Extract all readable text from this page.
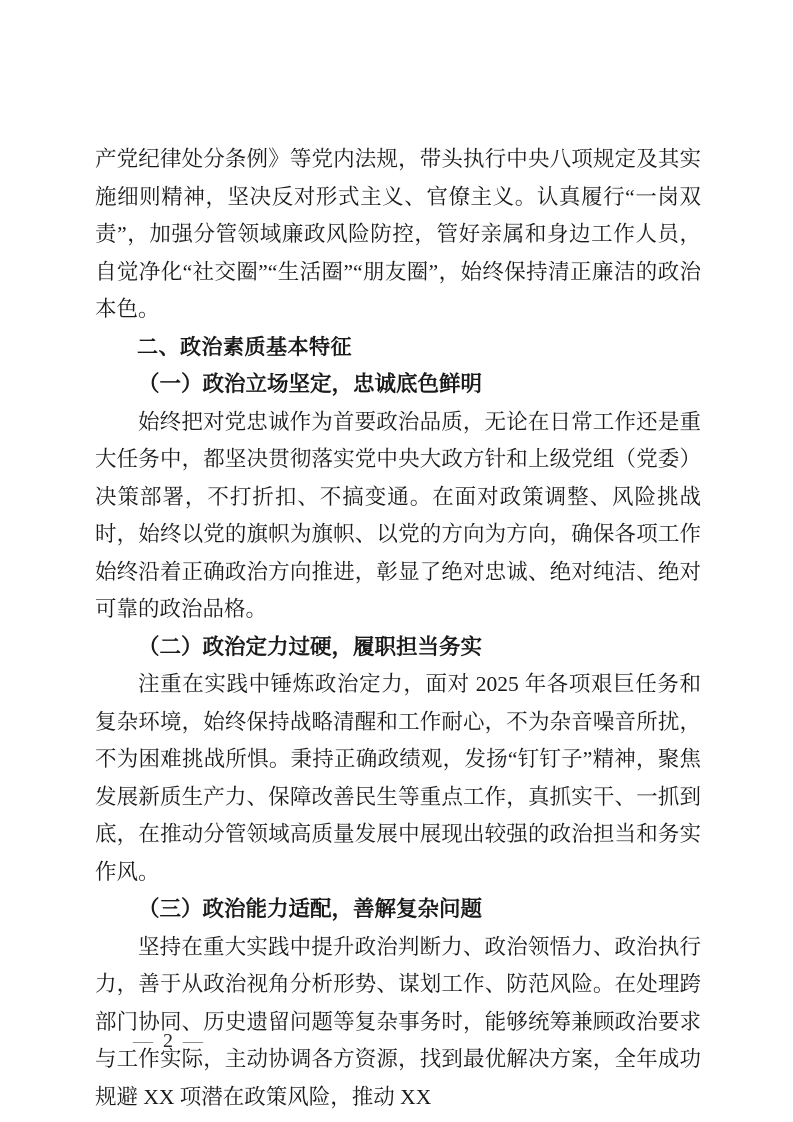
产党纪律处分条例》等党内法规，带头执行中央八项规定及其实施细则精神，坚决反对形式主义、官僚主义。认真履行“一岗双责”，加强分管领域廉政风险防控，管好亲属和身边工作人员，自觉净化“社交圈”“生活圈”“朋友圈”，始终保持清正廉洁的政治本色。

二、政治素质基本特征
（一）政治立场坚定，忠诚底色鲜明

始终把对党忠诚作为首要政治品质，无论在日常工作还是重大任务中，都坚决贯彻落实党中央大政方针和上级党组（党委）决策部署，不打折扣、不搞变通。在面对政策调整、风险挑战时，始终以党的旗帜为旗帜、以党的方向为方向，确保各项工作始终沿着正确政治方向推进，彰显了绝对忠诚、绝对纯洁、绝对可靠的政治品格。

（二）政治定力过硬，履职担当务实

注重在实践中锤炼政治定力，面对 2025 年各项艰巨任务和复杂环境，始终保持战略清醒和工作耐心，不为杂音噪音所扰，不为困难挑战所惧。秉持正确政绩观，发扬“钉钉子”精神，聚焦发展新质生产力、保障改善民生等重点工作，真抓实干、一抓到底，在推动分管领域高质量发展中展现出较强的政治担当和务实作风。

（三）政治能力适配，善解复杂问题

坚持在重大实践中提升政治判断力、政治领悟力、政治执行力，善于从政治视角分析形势、谋划工作、防范风险。在处理跨部门协同、历史遗留问题等复杂事务时，能够统筹兼顾政治要求与工作实际，主动协调各方资源，找到最优解决方案，全年成功规避 XX 项潜在政策风险，推动 XX

— 2 —
